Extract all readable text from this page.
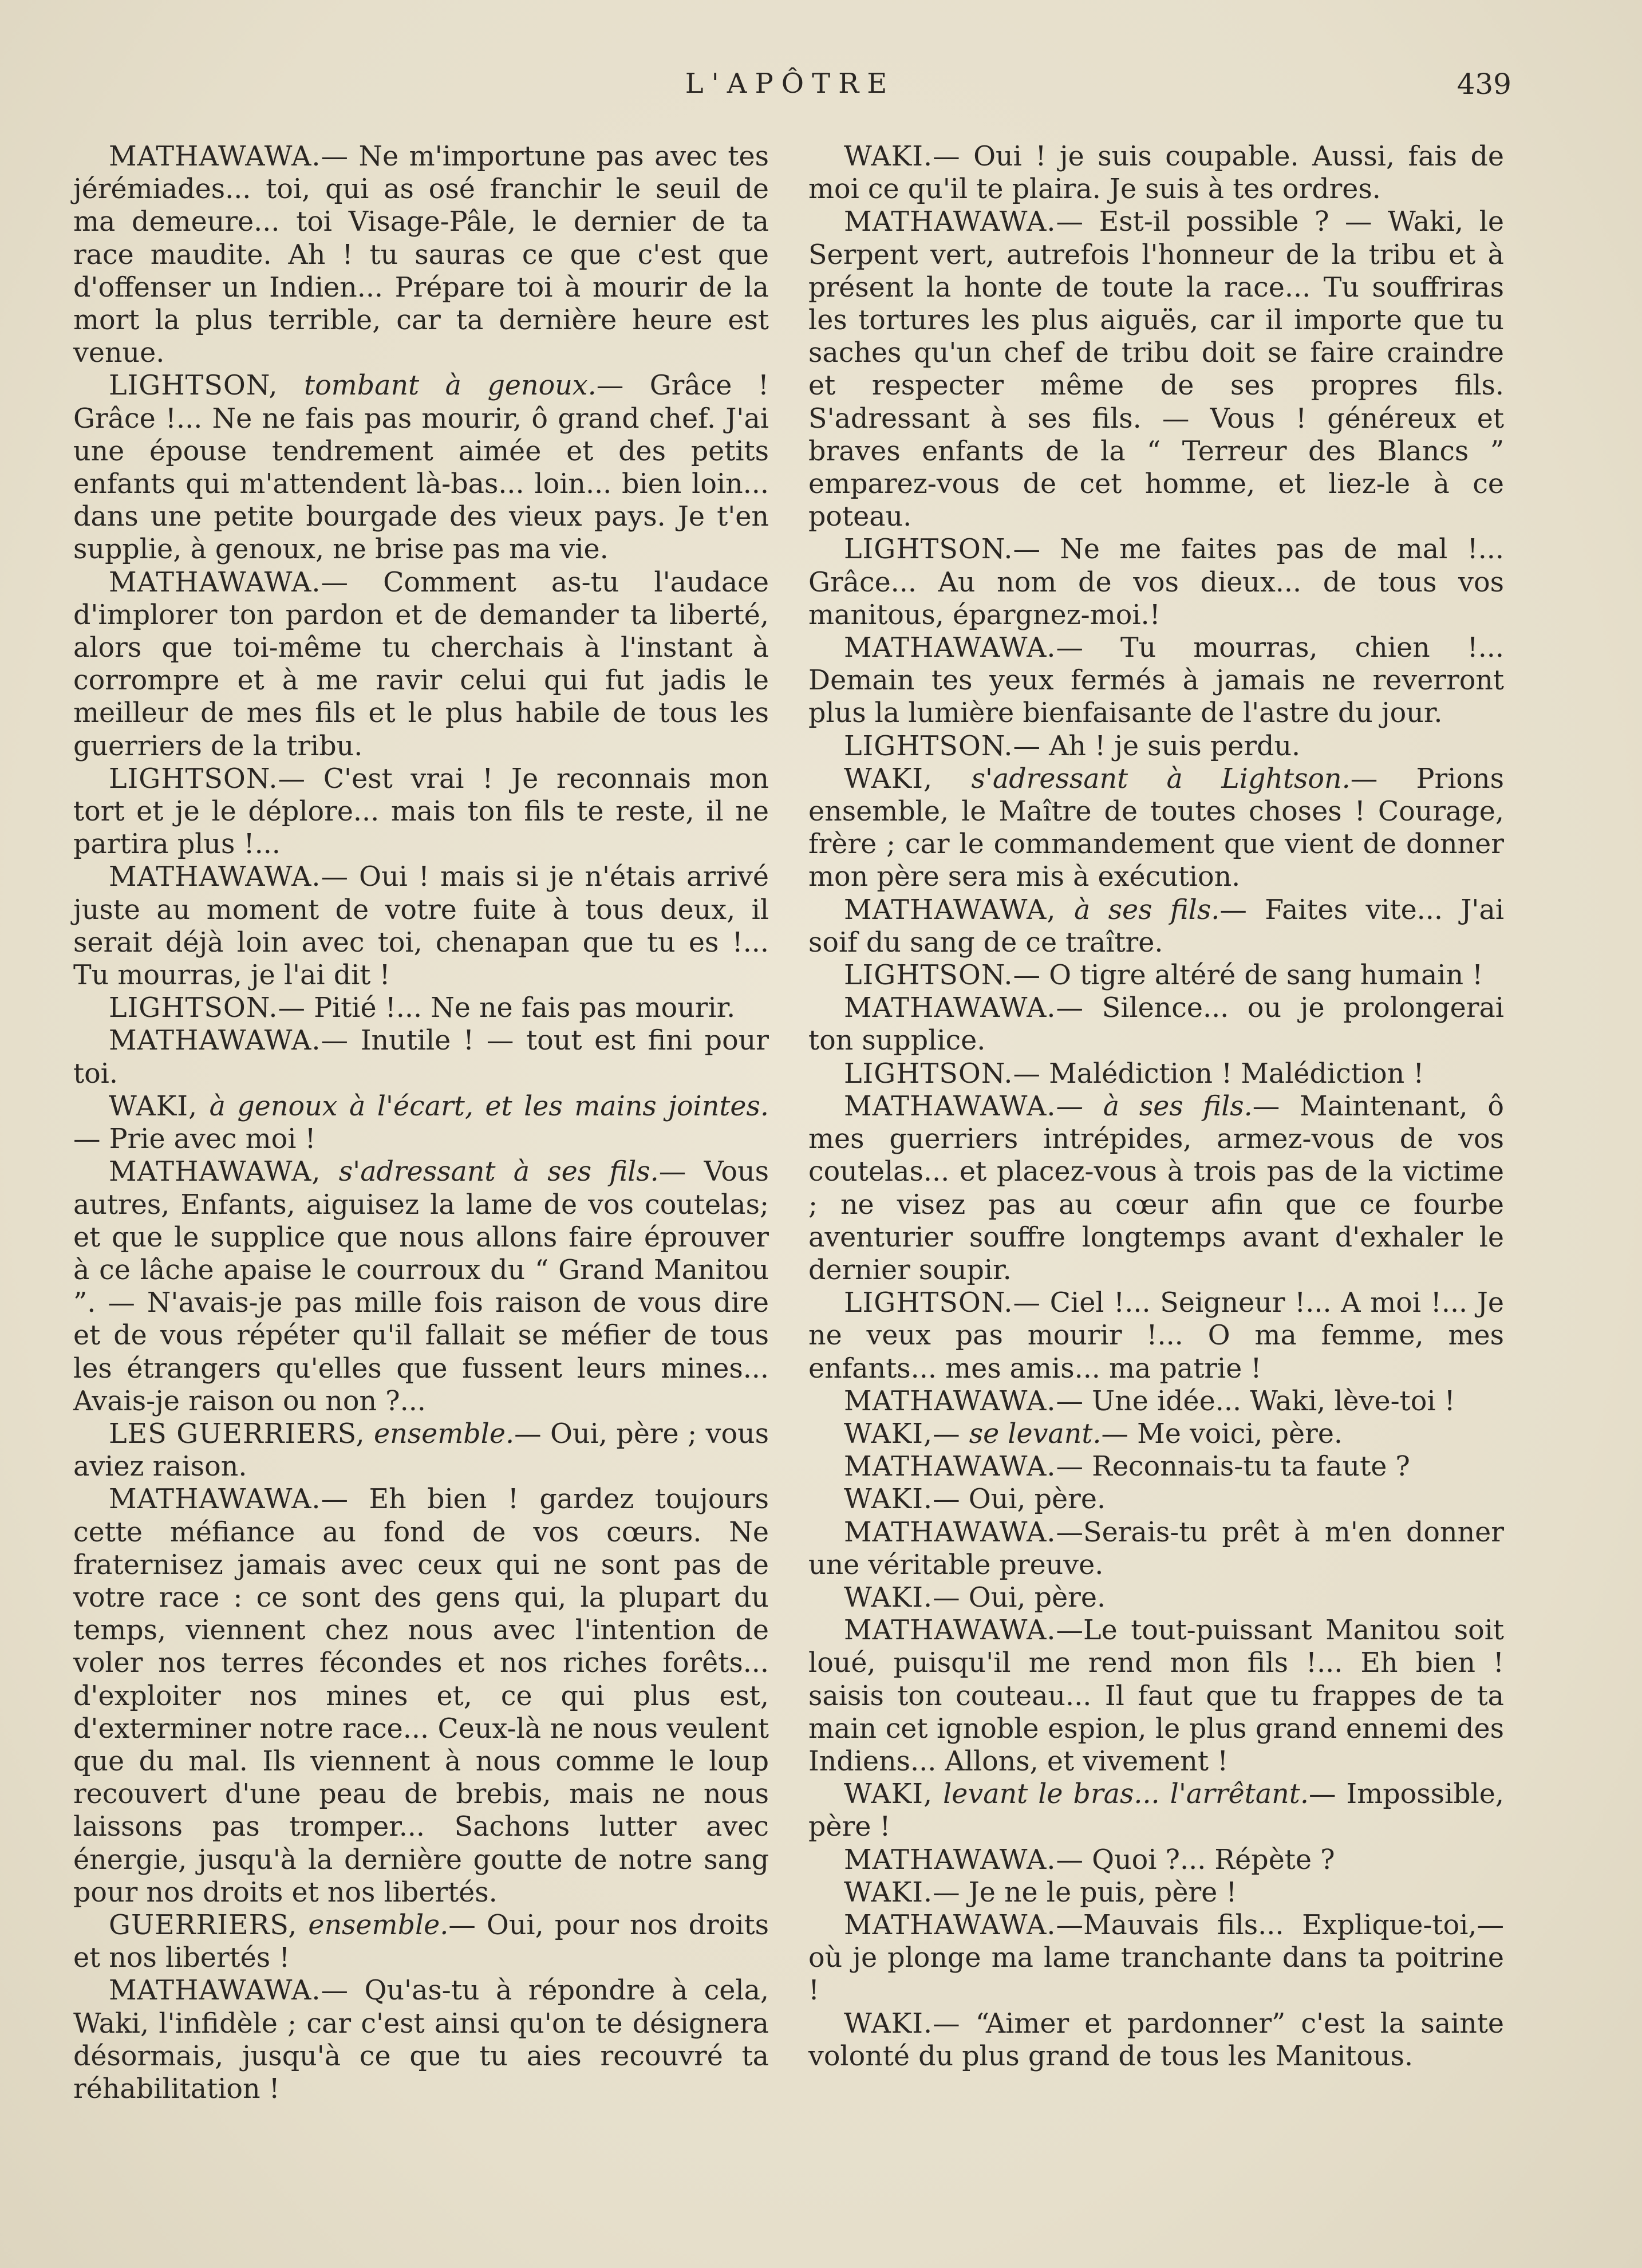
L'APÔTRE	439

MATHAWAWA.— Ne m'importune pas avec tes jérémiades... toi, qui as osé franchir le seuil de ma demeure... toi Visage-Pâle, le dernier de ta race maudite. Ah ! tu sauras ce que c'est que d'offenser un Indien... Prépare toi à mourir de la mort la plus terrible, car ta dernière heure est venue.

LIGHTSON, tombant à genoux.— Grâce ! Grâce !... Ne ne fais pas mourir, ô grand chef. J'ai une épouse tendrement aimée et des petits enfants qui m'attendent là-bas... loin... bien loin... dans une petite bourgade des vieux pays. Je t'en supplie, à genoux, ne brise pas ma vie.

MATHAWAWA.— Comment as-tu l'audace d'implorer ton pardon et de demander ta liberté, alors que toi-même tu cherchais à l'instant à corrompre et à me ravir celui qui fut jadis le meilleur de mes fils et le plus habile de tous les guerriers de la tribu.

LIGHTSON.— C'est vrai ! Je reconnais mon tort et je le déplore... mais ton fils te reste, il ne partira plus !...

MATHAWAWA.— Oui ! mais si je n'étais arrivé juste au moment de votre fuite à tous deux, il serait déjà loin avec toi, chenapan que tu es !... Tu mourras, je l'ai dit !

LIGHTSON.— Pitié !... Ne ne fais pas mourir.

MATHAWAWA.— Inutile ! — tout est fini pour toi.

WAKI, à genoux à l'écart, et les mains jointes. — Prie avec moi !

MATHAWAWA, s'adressant à ses fils.— Vous autres, Enfants, aiguisez la lame de vos coutelas; et que le supplice que nous allons faire éprouver à ce lâche apaise le courroux du “ Grand Manitou ”. — N'avais-je pas mille fois raison de vous dire et de vous répéter qu'il fallait se méfier de tous les étrangers qu'elles que fussent leurs mines... Avais-je raison ou non ?...

LES GUERRIERS, ensemble.— Oui, père ; vous aviez raison.

MATHAWAWA.— Eh bien ! gardez toujours cette méfiance au fond de vos cœurs. Ne fraternisez jamais avec ceux qui ne sont pas de votre race : ce sont des gens qui, la plupart du temps, viennent chez nous avec l'intention de voler nos terres fécondes et nos riches forêts... d'exploiter nos mines et, ce qui plus est, d'exterminer notre race... Ceux-là ne nous veulent que du mal. Ils viennent à nous comme le loup recouvert d'une peau de brebis, mais ne nous laissons pas tromper... Sachons lutter avec énergie, jusqu'à la dernière goutte de notre sang pour nos droits et nos libertés.

GUERRIERS, ensemble.— Oui, pour nos droits et nos libertés !

MATHAWAWA.— Qu'as-tu à répondre à cela, Waki, l'infidèle ; car c'est ainsi qu'on te désignera désormais, jusqu'à ce que tu aies recouvré ta réhabilitation !

WAKI.— Oui ! je suis coupable. Aussi, fais de moi ce qu'il te plaira. Je suis à tes ordres.

MATHAWAWA.— Est-il possible ? — Waki, le Serpent vert, autrefois l'honneur de la tribu et à présent la honte de toute la race... Tu souffriras les tortures les plus aiguës, car il importe que tu saches qu'un chef de tribu doit se faire craindre et respecter même de ses propres fils. S'adressant à ses fils. — Vous ! généreux et braves enfants de la “ Terreur des Blancs ” emparez-vous de cet homme, et liez-le à ce poteau.

LIGHTSON.— Ne me faites pas de mal !... Grâce... Au nom de vos dieux... de tous vos manitous, épargnez-moi.!

MATHAWAWA.— Tu mourras, chien !... Demain tes yeux fermés à jamais ne reverront plus la lumière bienfaisante de l'astre du jour.

LIGHTSON.— Ah ! je suis perdu.

WAKI, s'adressant à Lightson.— Prions ensemble, le Maître de toutes choses ! Courage, frère ; car le commandement que vient de donner mon père sera mis à exécution.

MATHAWAWA, à ses fils.— Faites vite... J'ai soif du sang de ce traître.

LIGHTSON.— O tigre altéré de sang humain !

MATHAWAWA.— Silence... ou je prolongerai ton supplice.

LIGHTSON.— Malédiction ! Malédiction !

MATHAWAWA.— à ses fils.— Maintenant, ô mes guerriers intrépides, armez-vous de vos coutelas... et placez-vous à trois pas de la victime ; ne visez pas au cœur afin que ce fourbe aventurier souffre longtemps avant d'exhaler le dernier soupir.

LIGHTSON.— Ciel !... Seigneur !... A moi !... Je ne veux pas mourir !... O ma femme, mes enfants... mes amis... ma patrie !

MATHAWAWA.— Une idée... Waki, lève-toi !

WAKI,— se levant.— Me voici, père.

MATHAWAWA.— Reconnais-tu ta faute ?

WAKI.— Oui, père.

MATHAWAWA.—Serais-tu prêt à m'en donner une véritable preuve.

WAKI.— Oui, père.

MATHAWAWA.—Le tout-puissant Manitou soit loué, puisqu'il me rend mon fils !... Eh bien ! saisis ton couteau... Il faut que tu frappes de ta main cet ignoble espion, le plus grand ennemi des Indiens... Allons, et vivement !

WAKI, levant le bras... l'arrêtant.— Impossible, père !

MATHAWAWA.— Quoi ?... Répète ?

WAKI.— Je ne le puis, père !

MATHAWAWA.—Mauvais fils... Explique-toi,—où je plonge ma lame tranchante dans ta poitrine !

WAKI.— “Aimer et pardonner” c'est la sainte volonté du plus grand de tous les Manitous.
